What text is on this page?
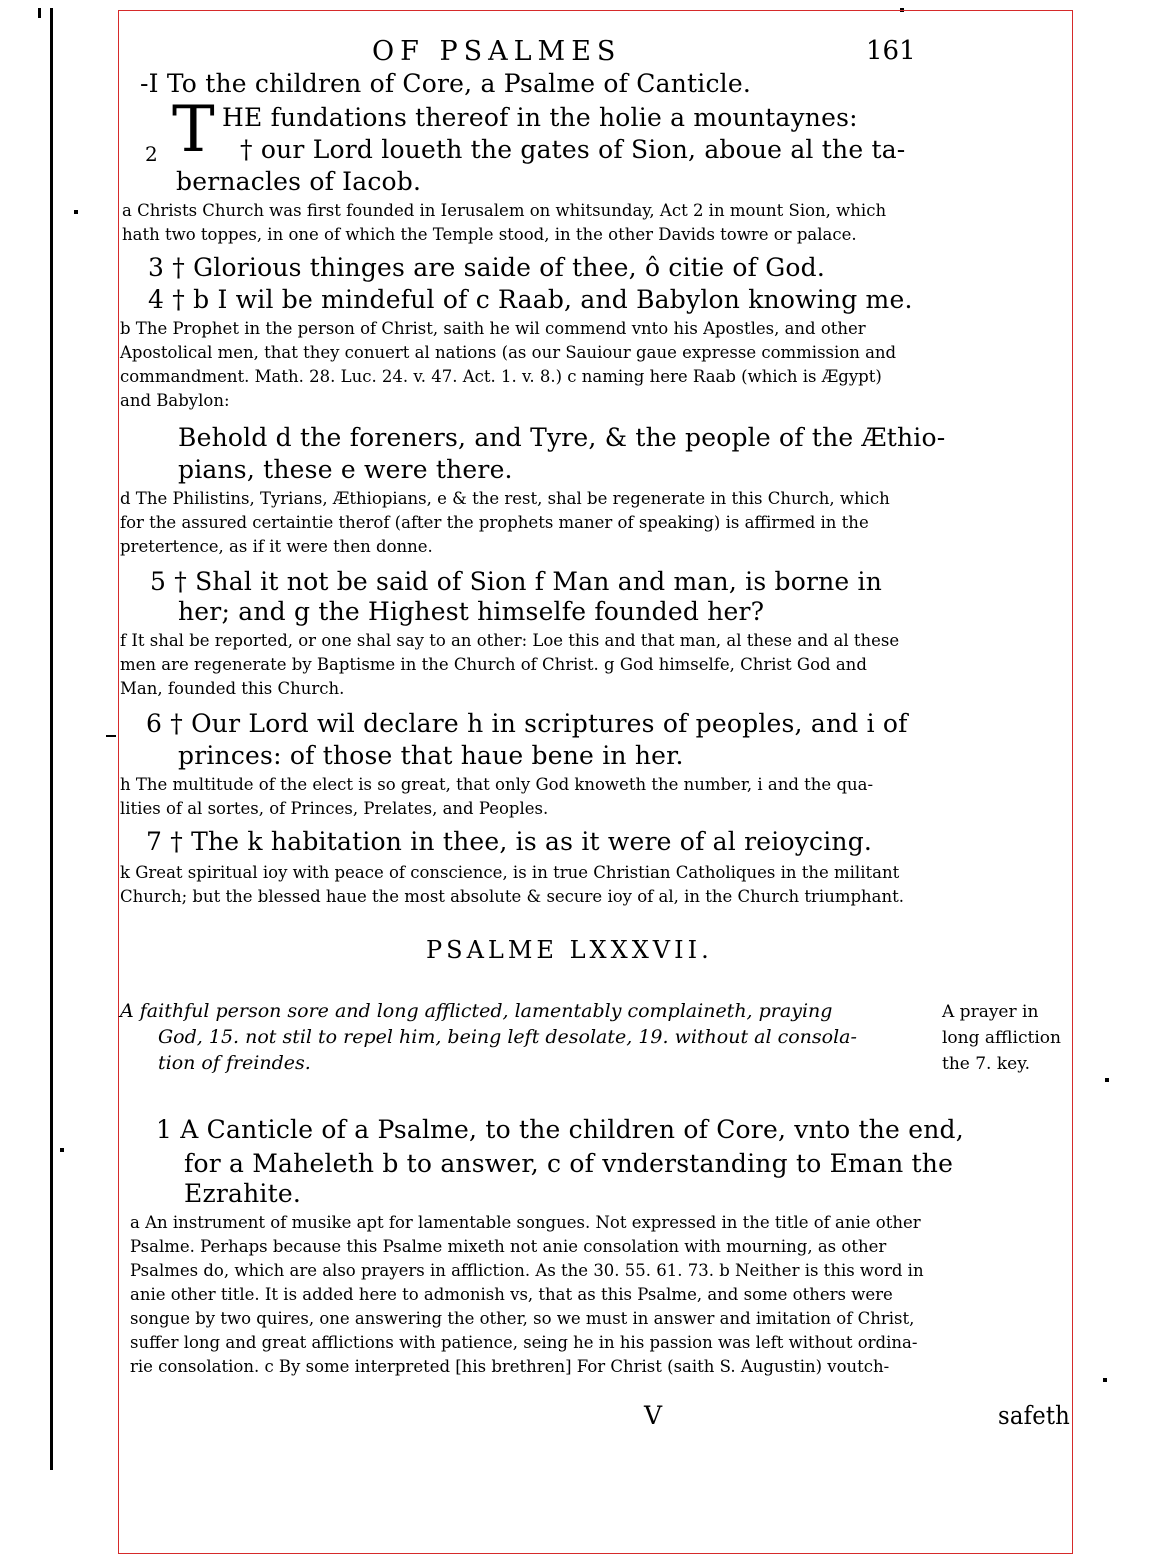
OF PSALMES	161
-I To the children of Core, a Psalme of Canticle.
T HE fundations thereof in the holie a mountaynes:
2	† our Lord loueth the gates of Sion, aboue al the ta-
bernacles of Iacob.
a Christs Church was first founded in Ierusalem on whitsunday, Act 2 in mount Sion, which
hath two toppes, in one of which the Temple stood, in the other Davids towre or palace.
3 † Glorious thinges are saide of thee, ô citie of God.
4 † b I wil be mindeful of c Raab, and Babylon knowing me.
b The Prophet in the person of Christ, saith he wil commend vnto his Apostles, and other
Apostolical men, that they conuert al nations (as our Sauiour gaue expresse commission and
commandment. Math. 28. Luc. 24. v. 47. Act. 1. v. 8.) c naming here Raab (which is Ægypt)
and Babylon:
Behold d the foreners, and Tyre, & the people of the Æthio-
pians, these e were there.
d The Philistins, Tyrians, Æthiopians, e & the rest, shal be regenerate in this Church, which
for the assured certaintie therof (after the prophets maner of speaking) is affirmed in the
pretertence, as if it were then donne.
5 † Shal it not be said of Sion f Man and man, is borne in
her; and g the Highest himselfe founded her?
f It shal be reported, or one shal say to an other: Loe this and that man, al these and al these
men are regenerate by Baptisme in the Church of Christ. g God himselfe, Christ God and
Man, founded this Church.
6 † Our Lord wil declare h in scriptures of peoples, and i of
princes: of those that haue bene in her.
h The multitude of the elect is so great, that only God knoweth the number, i and the qua-
lities of al sortes, of Princes, Prelates, and Peoples.
7 † The k habitation in thee, is as it were of al reioycing.
k Great spiritual ioy with peace of conscience, is in true Christian Catholiques in the militant
Church; but the blessed haue the most absolute & secure ioy of al, in the Church triumphant.
PSALME LXXXVII.
A faithful person sore and long afflicted, lamentably complaineth, praying
God, 15. not stil to repel him, being left desolate, 19. without al consola-
tion of freindes.
A prayer in
long affliction
the 7. key.
1 A Canticle of a Psalme, to the children of Core, vnto the end,
for a Maheleth b to answer, c of vnderstanding to Eman the
Ezrahite.
a An instrument of musike apt for lamentable songues. Not expressed in the title of anie other
Psalme. Perhaps because this Psalme mixeth not anie consolation with mourning, as other
Psalmes do, which are also prayers in affliction. As the 30. 55. 61. 73. b Neither is this word in
anie other title. It is added here to admonish vs, that as this Psalme, and some others were
songue by two quires, one answering the other, so we must in answer and imitation of Christ,
suffer long and great afflictions with patience, seing he in his passion was left without ordina-
rie consolation. c By some interpreted [his brethren] For Christ (saith S. Augustin) voutch-
V	safeth
